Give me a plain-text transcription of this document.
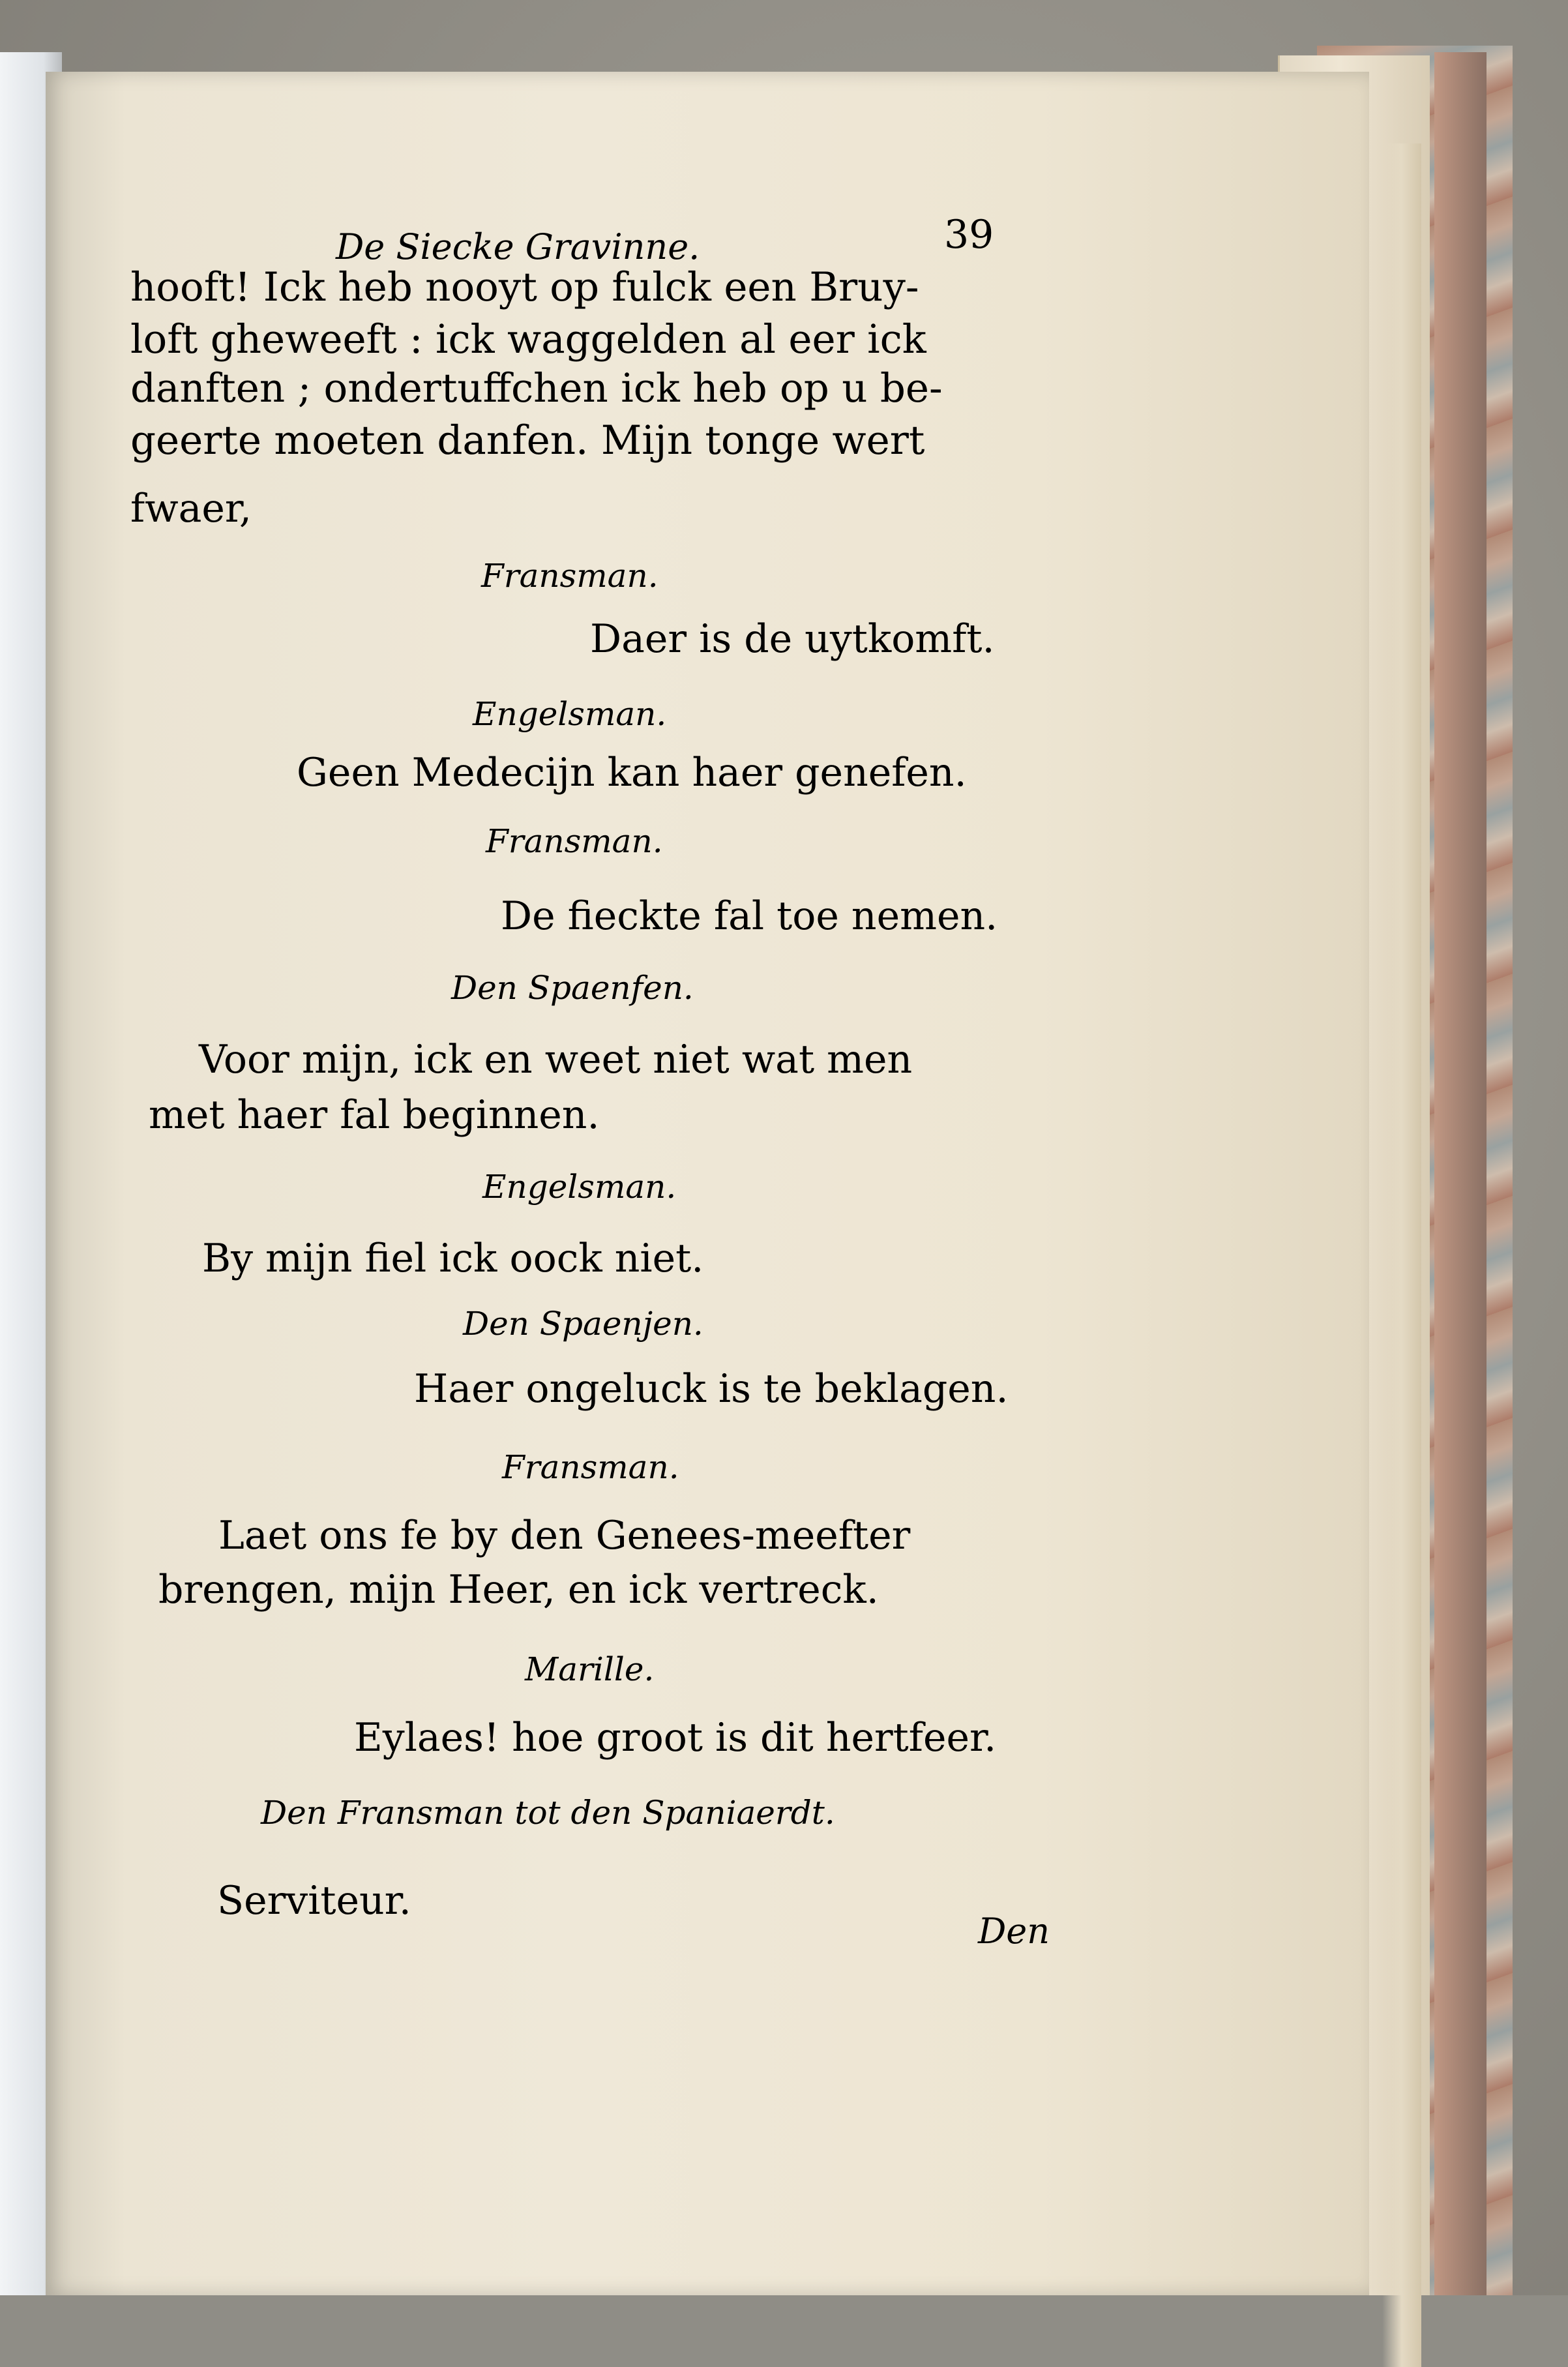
De Siecke Gravinne.	39
hooft! Ick heb nooyt op fulck een Bruy-
loft gheweeft : ick waggelden al eer ick
danften ; ondertuffchen ick heb op u be-
geerte moeten danfen. Mijn tonge wert
fwaer,
Fransman.
Daer is de uytkomft.
Engelsman.
Geen Medecijn kan haer genefen.
Fransman.
De fieckte fal toe nemen.
Den Spaenfen.
Voor mijn, ick en weet niet wat men
met haer fal beginnen.
Engelsman.
By mijn fiel ick oock niet.
Den Spaenjen.
Haer ongeluck is te beklagen.
Fransman.
Laet ons fe by den Genees-meefter
brengen, mijn Heer, en ick vertreck.
Marille.
Eylaes! hoe groot is dit hertfeer.
Den Fransman tot den Spaniaerdt.
Serviteur.
Den
